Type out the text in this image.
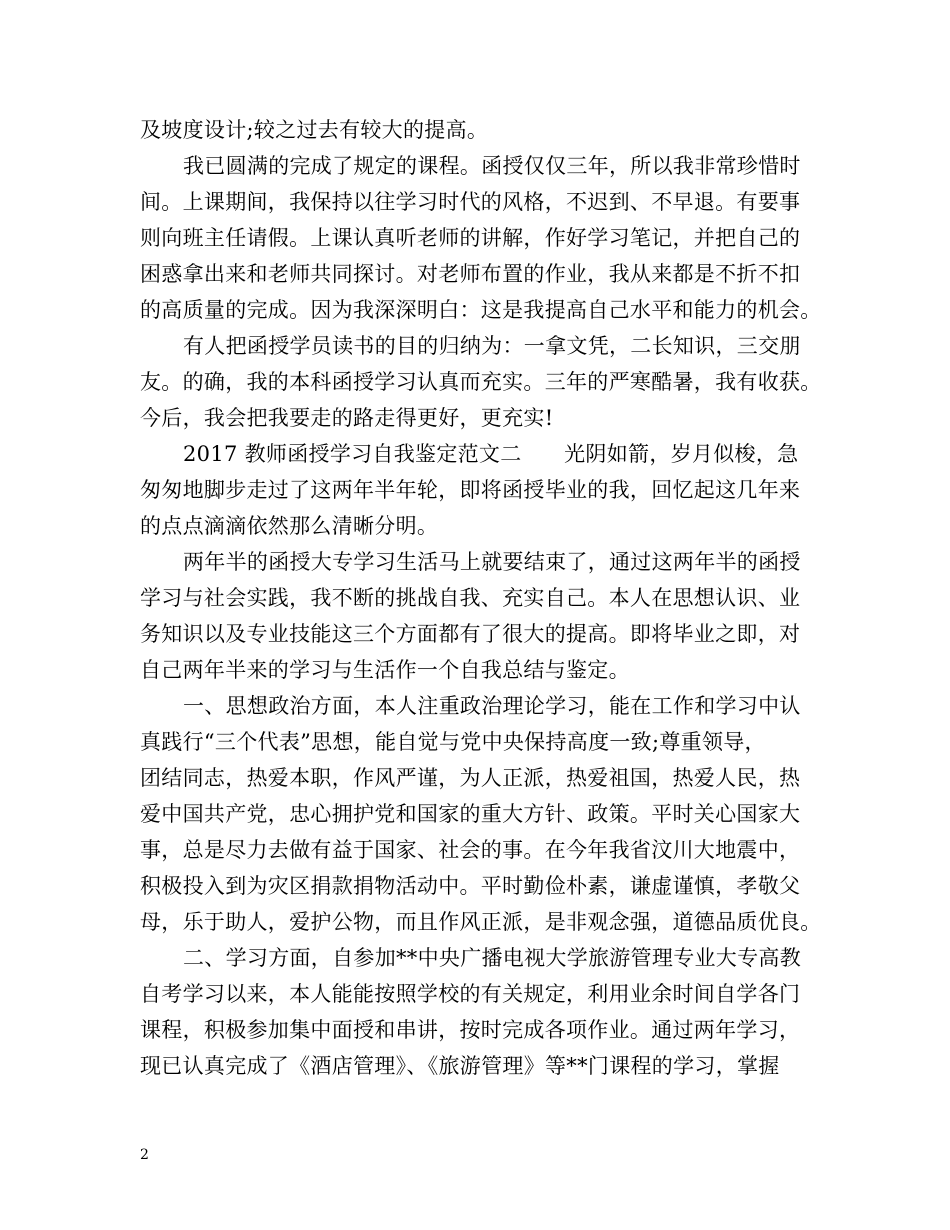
及坡度设计;较之过去有较大的提高。
我已圆满的完成了规定的课程。函授仅仅三年，所以我非常珍惜时
间。上课期间，我保持以往学习时代的风格，不迟到、不早退。有要事
则向班主任请假。上课认真听老师的讲解，作好学习笔记，并把自己的
困惑拿出来和老师共同探讨。对老师布置的作业，我从来都是不折不扣
的高质量的完成。因为我深深明白：这是我提高自己水平和能力的机会。
有人把函授学员读书的目的归纳为：一拿文凭，二长知识，三交朋
友。的确，我的本科函授学习认真而充实。三年的严寒酷暑，我有收获。
今后，我会把我要走的路走得更好，更充实!
2017 教师函授学习自我鉴定范文二　　光阴如箭，岁月似梭，急
匆匆地脚步走过了这两年半年轮，即将函授毕业的我，回忆起这几年来
的点点滴滴依然那么清晰分明。
两年半的函授大专学习生活马上就要结束了，通过这两年半的函授
学习与社会实践，我不断的挑战自我、充实自己。本人在思想认识、业
务知识以及专业技能这三个方面都有了很大的提高。即将毕业之即，对
自己两年半来的学习与生活作一个自我总结与鉴定。
一、思想政治方面，本人注重政治理论学习，能在工作和学习中认
真践行“三个代表”思想，能自觉与党中央保持高度一致;尊重领导，
团结同志，热爱本职，作风严谨，为人正派，热爱祖国，热爱人民，热
爱中国共产党，忠心拥护党和国家的重大方针、政策。平时关心国家大
事，总是尽力去做有益于国家、社会的事。在今年我省汶川大地震中，
积极投入到为灾区捐款捐物活动中。平时勤俭朴素，谦虚谨慎，孝敬父
母，乐于助人，爱护公物，而且作风正派，是非观念强，道德品质优良。
二、学习方面，自参加**中央广播电视大学旅游管理专业大专高教
自考学习以来，本人能能按照学校的有关规定，利用业余时间自学各门
课程，积极参加集中面授和串讲，按时完成各项作业。通过两年学习，
现已认真完成了《酒店管理》、《旅游管理》等**门课程的学习，掌握
2
